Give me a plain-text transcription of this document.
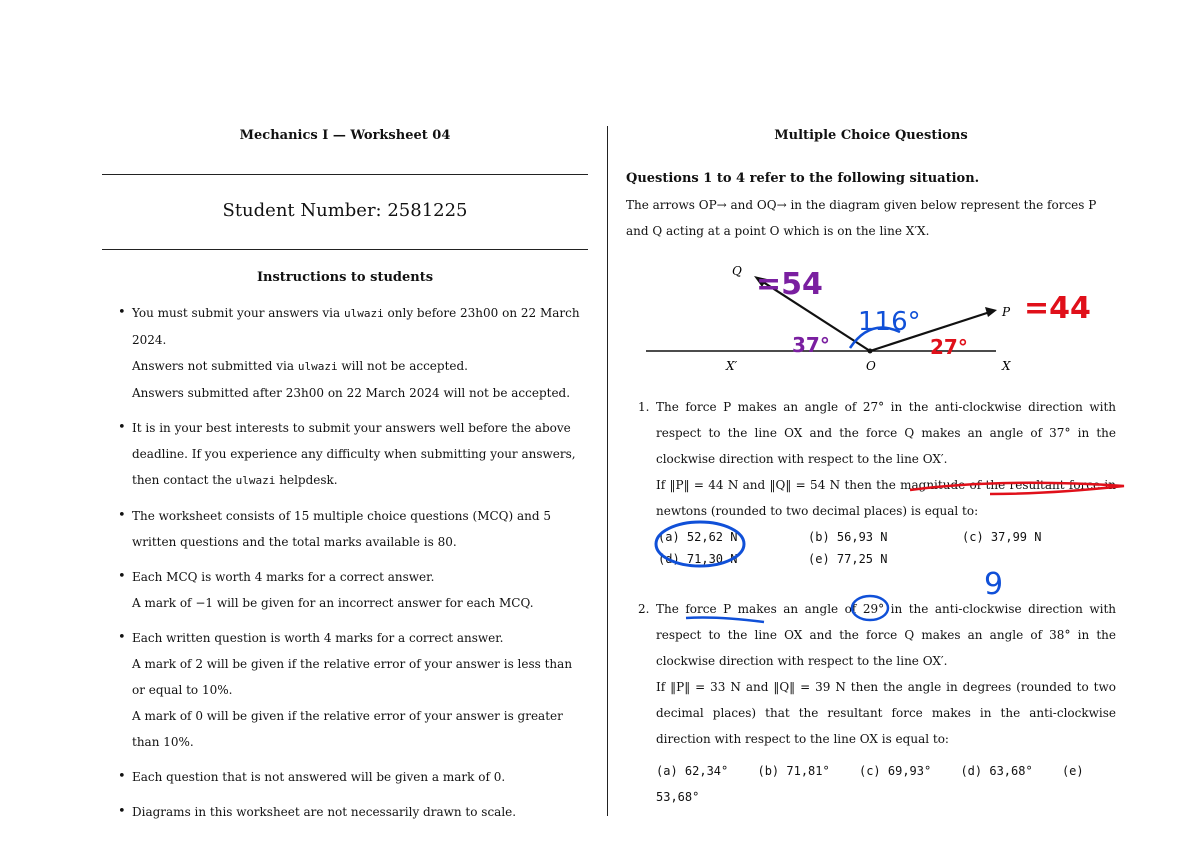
Mechanics I — Worksheet 04
Student Number: 2581225
Instructions to students
• You must submit your answers via ulwazi only before 23h00 on 22 March 2024.
Answers not submitted via ulwazi will not be accepted.
Answers submitted after 23h00 on 22 March 2024 will not be accepted.
• It is in your best interests to submit your answers well before the above deadline. If you experience any difficulty when submitting your answers, then contact the ulwazi helpdesk.
• The worksheet consists of 15 multiple choice questions (MCQ) and 5 written questions and the total marks available is 80.
• Each MCQ is worth 4 marks for a correct answer.
A mark of −1 will be given for an incorrect answer for each MCQ.
• Each written question is worth 4 marks for a correct answer.
A mark of 2 will be given if the relative error of your answer is less than or equal to 10%.
A mark of 0 will be given if the relative error of your answer is greater than 10%.
• Each question that is not answered will be given a mark of 0.
• Diagrams in this worksheet are not necessarily drawn to scale.
Multiple Choice Questions
Questions 1 to 4 refer to the following situation.
The arrows OP→ and OQ→ in the diagram given below represent the forces P and Q acting at a point O which is on the line X′X.
Q
P
O	X
X′
1. The force P makes an angle of 27° in the anti-clockwise direction with respect to the line OX and the force Q makes an angle of 37° in the clockwise direction with respect to the line OX′.
If ‖P‖ = 44 N and ‖Q‖ = 54 N then the magnitude of the resultant force in newtons (rounded to two decimal places) is equal to:
(a) 52,62 N	(b) 56,93 N	(c) 37,99 N
(d) 71,30 N	(e) 77,25 N
2. The force P makes an angle of 29° in the anti-clockwise direction with respect to the line OX and the force Q makes an angle of 38° in the clockwise direction with respect to the line OX′.
If ‖P‖ = 33 N and ‖Q‖ = 39 N then the angle in degrees (rounded to two decimal places) that the resultant force makes in the anti-clockwise direction with respect to the line OX is equal to:
(a) 62,34° (b) 71,81° (c) 69,93° (d) 63,68° (e) 53,68°
=54
=44
116°
37°	27°
9
